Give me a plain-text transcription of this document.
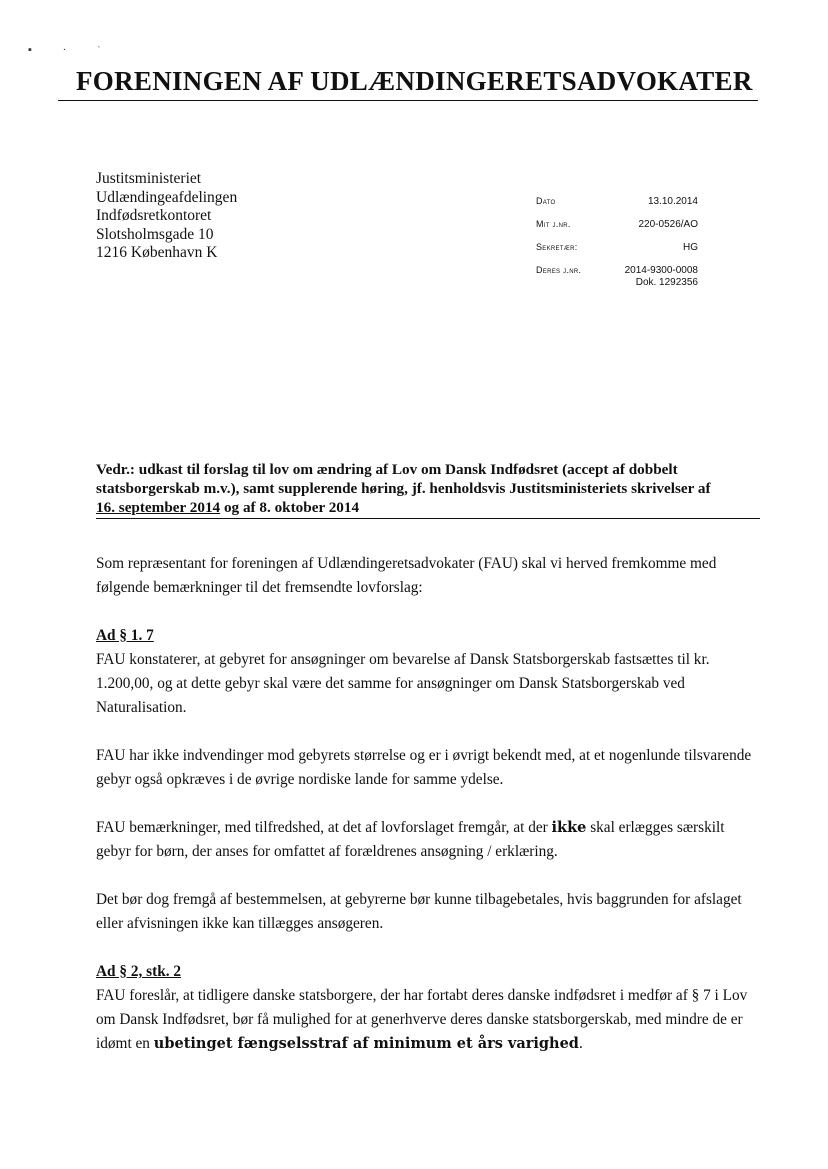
▪ · ˈ
FORENINGEN AF UDLÆNDINGERETSADVOKATER
Justitsministeriet
Udlændingeafdelingen
Indfødsretkontoret
Slotsholmsgade 10
1216 København K
Dato	13.10.2014
Mit j.nr.	220-0526/AO
Sekretær:	HG
Deres j.nr.	2014-9300-0008
Dok. 1292356
Vedr.: udkast til forslag til lov om ændring af Lov om Dansk Indfødsret (accept af dobbelt
statsborgerskab m.v.), samt supplerende høring, jf. henholdsvis Justitsministeriets skrivelser af
16. september 2014 og af 8. oktober 2014

Som repræsentant for foreningen af Udlændingeretsadvokater (FAU) skal vi herved fremkomme med følgende bemærkninger til det fremsendte lovforslag:

Ad § 1. 7

FAU konstaterer, at gebyret for ansøgninger om bevarelse af Dansk Statsborgerskab fastsættes til kr. 1.200,00, og at dette gebyr skal være det samme for ansøgninger om Dansk Statsborgerskab ved Naturalisation.

FAU har ikke indvendinger mod gebyrets størrelse og er i øvrigt bekendt med, at et nogenlunde tilsvarende gebyr også opkræves i de øvrige nordiske lande for samme ydelse.

FAU bemærkninger, med tilfredshed, at det af lovforslaget fremgår, at der ikke skal erlægges særskilt gebyr for børn, der anses for omfattet af forældrenes ansøgning / erklæring.

Det bør dog fremgå af bestemmelsen, at gebyrerne bør kunne tilbagebetales, hvis baggrunden for afslaget eller afvisningen ikke kan tillægges ansøgeren.

Ad § 2, stk. 2

FAU foreslår, at tidligere danske statsborgere, der har fortabt deres danske indfødsret i medfør af § 7 i Lov om Dansk Indfødsret, bør få mulighed for at generhverve deres danske statsborgerskab, med mindre de er idømt en ubetinget fængselsstraf af minimum et års varighed.
